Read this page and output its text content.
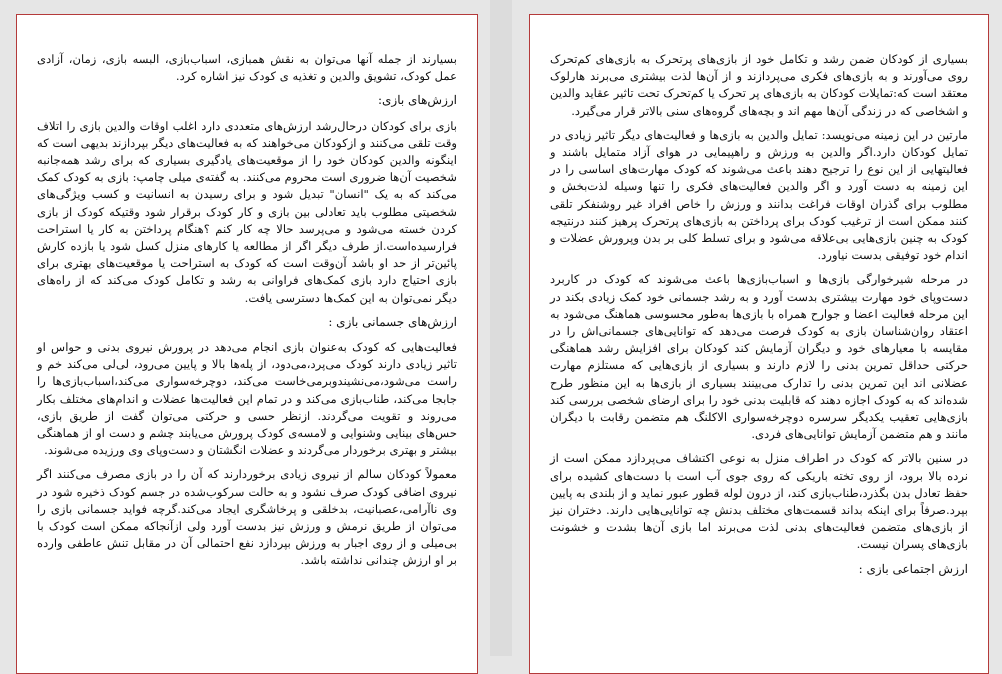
بسیارند از جمله آنها می‌توان به نقش همبازی، اسباب‌بازی، البسه بازی، زمان، آزادی عمل کودک، تشویق والدین و تغذیه ی کودک نیز اشاره کرد.

ارزش‌های بازی:

بازی برای کودکان درحال‌رشد ارزش‌های متعددی دارد اغلب اوقات والدین بازی را اتلاف وقت تلقی می‌کنند و ازکودکان می‌خواهند که به فعالیت‌های دیگر بپردازند بدیهی است که اینگونه والدین کودکان خود را از موقعیت‌های یادگیری بسیاری که برای رشد همه‌جانبه شخصیت آن‌ها ضروری است محروم می‌کنند. به گفته‌ی میلی چامپ: بازی به کودک کمک می‌کند که به یک "انسان" تبدیل شود و برای رسیدن به انسانیت و کسب ویژگی‌های شخصیتی مطلوب باید تعادلی بین بازی و کار کودک برقرار شود وقتیکه کودک از بازی کردن خسته می‌شود و می‌پرسد حالا چه کار کنم ؟هنگام پرداختن به کار یا استراحت فرارسیده‌است.از طرف دیگر اگر از مطالعه یا کارهای منزل کسل شود یا بازده کارش پائین‌تر از حد او باشد آن‌وقت است که کودک به استراحت یا موقعیت‌های بهتری برای بازی احتیاج دارد بازی کمک‌های فراوانی به رشد و تکامل کودک می‌کند که از راه‌های دیگر نمی‌توان به این کمک‌ها دسترسی یافت.

ارزش‌های جسمانی بازی :

فعالیت‌هایی که کودک به‌عنوان بازی انجام می‌دهد در پرورش نیروی بدنی و حواس او تاثیر زیادی دارند کودک می‌پرد،می‌دود، از پله‌ها بالا و پایین می‌رود، لی‌لی می‌کند خم و راست می‌شود،می‌نشیندوبرمی‌خاست می‌کند، دوچرخه‌سواری می‌کند،اسباب‌بازی‌ها را جابجا می‌کند، طناب‌بازی می‌کند و در تمام این فعالیت‌ها عضلات و اندام‌های مختلف بکار می‌روند و تقویت می‌گردند. ازنظر حسی و حرکتی می‌توان گفت از طریق بازی، حس‌های بینایی وشنوایی و لامسه‌ی کودک پرورش می‌یابند چشم و دست او از هماهنگی بیشتر و بهتری برخوردار می‌گردند و عضلات انگشتان و دست‌وپای وی ورزیده می‌شوند.

معمولاً کودکان سالم از نیروی زیادی برخوردارند که آن را در بازی مصرف می‌کنند اگر نیروی اضافی کودک صرف نشود و به حالت سرکوب‌شده در جسم کودک ذخیره شود در وی ناآرامی،عصبانیت، بدخلقی و پرخاشگری ایجاد می‌کند.گرچه فواید جسمانی بازی را می‌توان از طریق نرمش و ورزش نیز بدست آورد ولی ازآنجاکه ممکن است کودک با بی‌میلی و از روی اجبار به ورزش بپردازد نفع احتمالی آن در مقابل تنش عاطفی وارده بر او ارزش چندانی نداشته باشد.

بسیاری از کودکان ضمن رشد و تکامل خود از بازی‌های پرتحرک به بازی‌های کم‌تحرک روی می‌آورند و به بازی‌های فکری می‌پردازند و از آن‌ها لذت بیشتری می‌برند هارلوک معتقد است که:تمایلات کودکان به بازی‌های پر تحرک یا کم‌تحرک تحت تاثیر عقاید والدین و اشخاصی که در زندگی آن‌ها مهم اند و بچه‌های گروه‌های سنی بالاتر قرار می‌گیرد.

مارتین در این زمینه می‌نویسد: تمایل والدین به بازی‌ها و فعالیت‌های دیگر تاثیر زیادی در تمایل کودکان دارد.اگر والدین به ورزش و راهپیمایی در هوای آزاد متمایل باشند و فعالیتهایی از این نوع را ترجیح دهند باعث می‌شوند که کودک مهارت‌های اساسی را در این زمینه به دست آورد و اگر والدین فعالیت‌های فکری را تنها وسیله لذت‌بخش و مطلوب برای گذران اوقات فراغت بدانند و ورزش را خاص افراد غیر روشنفکر تلقی کنند ممکن است از ترغیب کودک برای پرداختن به بازی‌های پرتحرک پرهیز کنند درنتیجه کودک به چنین بازی‌هایی بی‌علاقه می‌شود و برای تسلط کلی بر بدن وپرورش عضلات و اندام خود توفیقی بدست نیاورد.

در مرحله شیرخوارگی بازی‌ها و اسباب‌بازی‌ها باعث می‌شوند که کودک در کاربرد دست‌وپای خود مهارت بیشتری بدست آورد و به رشد جسمانی خود کمک زیادی بکند در این مرحله فعالیت اعضا و جوارح همراه با بازی‌ها به‌طور محسوسی هماهنگ می‌شود به اعتقاد روان‌شناسان بازی به کودک فرصت می‌دهد که توانایی‌های جسمانی‌اش را در مقایسه با معیارهای خود و دیگران آزمایش کند کودکان برای افزایش رشد هماهنگی حرکتی حداقل تمرین بدنی را لازم دارند و بسیاری از بازی‌هایی که مستلزم مهارت عضلانی اند این تمرین بدنی را تدارک می‌بینند بسیاری از بازی‌ها به این منظور طرح شده‌اند که به کودک اجازه دهند که قابلیت بدنی خود را برای ارضای شخصی بررسی کند بازی‌هایی تعقیب یکدیگر سرسره دوچرخه‌سواری الاکلنگ هم متضمن رقابت با دیگران مانند و هم متضمن آزمایش توانایی‌های فردی.

در سنین بالاتر که کودک در اطراف منزل به نوعی اکتشاف می‌پردازد ممکن است از نرده بالا برود، از روی تخته باریکی که روی جوی آب است با دست‌های کشیده برای حفظ تعادل بدن بگذرد،طناب‌بازی کند، از درون لوله قطور عبور نماید و از بلندی به پایین بپرد.صرفاً برای اینکه بداند قسمت‌های مختلف بدنش چه توانایی‌هایی دارند. دختران نیز از بازی‌های متضمن فعالیت‌های بدنی لذت می‌برند اما بازی آن‌ها بشدت و خشونت بازی‌های پسران نیست.

ارزش اجتماعی بازی :
